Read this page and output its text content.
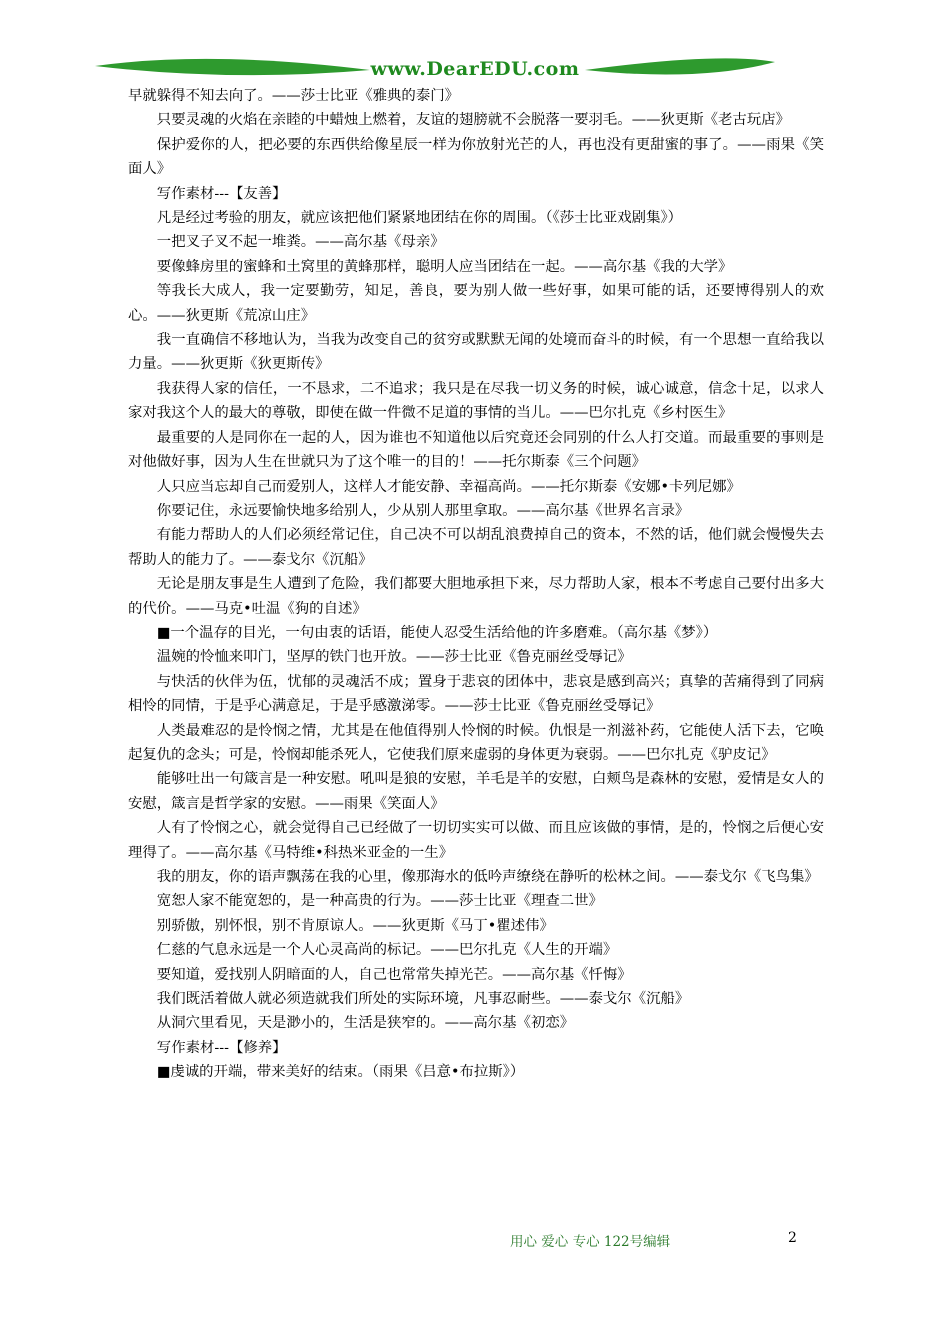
www.DearEDU.com

早就躲得不知去向了。——莎士比亚《雅典的泰门》

只要灵魂的火焰在亲睦的中蜡烛上燃着，友谊的翅膀就不会脱落一要羽毛。——狄更斯《老古玩店》

保护爱你的人，把必要的东西供给像星辰一样为你放射光芒的人，再也没有更甜蜜的事了。——雨果《笑面人》

写作素材---【友善】

凡是经过考验的朋友，就应该把他们紧紧地团结在你的周围。（《莎士比亚戏剧集》）

一把叉子叉不起一堆粪。——高尔基《母亲》

要像蜂房里的蜜蜂和土窝里的黄蜂那样，聪明人应当团结在一起。——高尔基《我的大学》

等我长大成人，我一定要勤劳，知足，善良，要为别人做一些好事，如果可能的话，还要博得别人的欢心。——狄更斯《荒凉山庄》

我一直确信不移地认为，当我为改变自己的贫穷或默默无闻的处境而奋斗的时候，有一个思想一直给我以力量。——狄更斯《狄更斯传》

我获得人家的信任，一不恳求，二不追求；我只是在尽我一切义务的时候，诚心诚意，信念十足，以求人家对我这个人的最大的尊敬，即使在做一件微不足道的事情的当儿。——巴尔扎克《乡村医生》

最重要的人是同你在一起的人，因为谁也不知道他以后究竟还会同别的什么人打交道。而最重要的事则是对他做好事，因为人生在世就只为了这个唯一的目的！——托尔斯泰《三个问题》

人只应当忘却自己而爱别人，这样人才能安静、幸福高尚。——托尔斯泰《安娜•卡列尼娜》

你要记住，永远要愉快地多给别人，少从别人那里拿取。——高尔基《世界名言录》

有能力帮助人的人们必须经常记住，自己决不可以胡乱浪费掉自己的资本，不然的话，他们就会慢慢失去帮助人的能力了。——泰戈尔《沉船》

无论是朋友事是生人遭到了危险，我们都要大胆地承担下来，尽力帮助人家，根本不考虑自己要付出多大的代价。——马克•吐温《狗的自述》

■一个温存的目光，一句由衷的话语，能使人忍受生活给他的许多磨难。（高尔基《梦》）

温婉的怜恤来叩门，坚厚的铁门也开放。——莎士比亚《鲁克丽丝受辱记》

与快活的伙伴为伍，忧郁的灵魂活不成；置身于悲哀的团体中，悲哀是感到高兴；真挚的苦痛得到了同病相怜的同情，于是乎心满意足，于是乎感激涕零。——莎士比亚《鲁克丽丝受辱记》

人类最难忍的是怜悯之情，尤其是在他值得别人怜悯的时候。仇恨是一剂滋补药，它能使人活下去，它唤起复仇的念头；可是，怜悯却能杀死人，它使我们原来虚弱的身体更为衰弱。——巴尔扎克《驴皮记》

能够吐出一句箴言是一种安慰。吼叫是狼的安慰，羊毛是羊的安慰，白颊鸟是森林的安慰，爱情是女人的安慰，箴言是哲学家的安慰。——雨果《笑面人》

人有了怜悯之心，就会觉得自己已经做了一切切实实可以做、而且应该做的事情，是的，怜悯之后便心安理得了。——高尔基《马特维•科热米亚金的一生》

我的朋友，你的语声飘荡在我的心里，像那海水的低吟声缭绕在静听的松林之间。——泰戈尔《飞鸟集》

宽恕人家不能宽恕的，是一种高贵的行为。——莎士比亚《理查二世》

别骄傲，别怀恨，别不肯原谅人。——狄更斯《马丁•瞿述伟》

仁慈的气息永远是一个人心灵高尚的标记。——巴尔扎克《人生的开端》

要知道，爱找别人阴暗面的人，自己也常常失掉光芒。——高尔基《忏悔》

我们既活着做人就必须造就我们所处的实际环境，凡事忍耐些。——泰戈尔《沉船》

从洞穴里看见，天是渺小的，生活是狭窄的。——高尔基《初恋》

写作素材---【修养】

■虔诚的开端，带来美好的结束。（雨果《吕意•布拉斯》）

用心 爱心 专心 122号编辑	2
